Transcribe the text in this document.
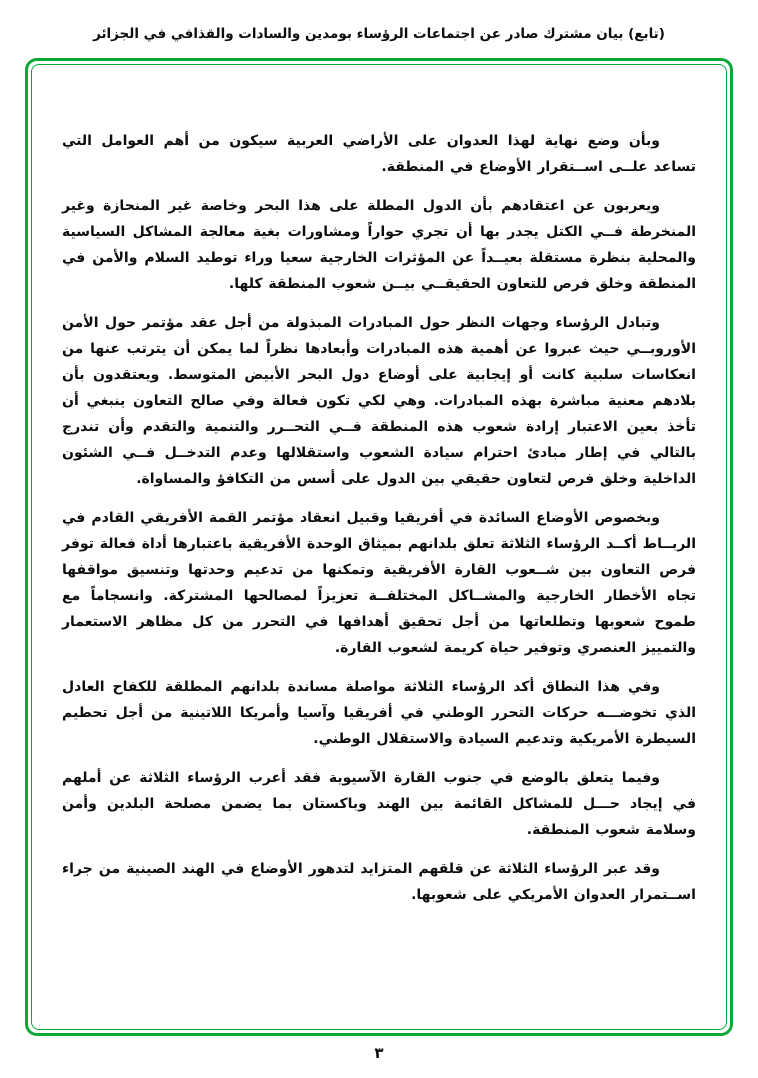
(تابع) بيان مشترك صادر عن اجتماعات الرؤساء بومدين والسادات والقذافي في الجزائر

وبأن وضع نهاية لهذا العدوان على الأراضي العربية سيكون من أهم العوامل التي تساعد علــى اســتقرار الأوضاع في المنطقة.

ويعربون عن اعتقادهم بأن الدول المطلة على هذا البحر وخاصة غير المنحازة وغير المنخرطة فــي الكتل يجدر بها أن تجري حواراً ومشاورات بغية معالجة المشاكل السياسية والمحلية بنظرة مستقلة بعيــداً عن المؤثرات الخارجية سعيا وراء توطيد السلام والأمن في المنطقة وخلق فرص للتعاون الحقيقــي بيــن شعوب المنطقة كلها.

وتبادل الرؤساء وجهات النظر حول المبادرات المبذولة من أجل عقد مؤتمر حول الأمن الأوروبــي حيث عبروا عن أهمية هذه المبادرات وأبعادها نظراً لما يمكن أن يترتب عنها من انعكاسات سلبية كانت أو إيجابية على أوضاع دول البحر الأبيض المتوسط. ويعتقدون بأن بلادهم معنية مباشرة بهذه المبادرات. وهي لكي تكون فعالة وفي صالح التعاون ينبغي أن تأخذ بعين الاعتبار إرادة شعوب هذه المنطقة فــي التحــرر والتنمية والتقدم وأن تندرج بالتالي في إطار مبادئ احترام سيادة الشعوب واستقلالها وعدم التدخــل فــي الشئون الداخلية وخلق فرص لتعاون حقيقي بين الدول على أسس من التكافؤ والمساواة.

وبخصوص الأوضاع السائدة في أفريقيا وقبيل انعقاد مؤتمر القمة الأفريقي القادم في الربــاط أكــد الرؤساء الثلاثة تعلق بلدانهم بميثاق الوحدة الأفريقية باعتبارها أداة فعالة توفر فرص التعاون بين شــعوب القارة الأفريقية وتمكنها من تدعيم وحدتها وتنسيق مواقفها تجاه الأخطار الخارجية والمشــاكل المختلفــة تعزيزاً لمصالحها المشتركة. وانسجاماً مع طموح شعوبها وتطلعاتها من أجل تحقيق أهدافها في التحرر من كل مظاهر الاستعمار والتمييز العنصري وتوفير حياة كريمة لشعوب القارة.

وفي هذا النطاق أكد الرؤساء الثلاثة مواصلة مساندة بلدانهم المطلقة للكفاح العادل الذي تخوضـــه حركات التحرر الوطني في أفريقيا وآسيا وأمريكا اللاتينية من أجل تحطيم السيطرة الأمريكية وتدعيم السيادة والاستقلال الوطني.

وفيما يتعلق بالوضع في جنوب القارة الآسيوية فقد أعرب الرؤساء الثلاثة عن أملهم في إيجاد حـــل للمشاكل القائمة بين الهند وباكستان بما يضمن مصلحة البلدين وأمن وسلامة شعوب المنطقة.

وقد عبر الرؤساء الثلاثة عن قلقهم المتزايد لتدهور الأوضاع في الهند الصينية من جراء اســتمرار العدوان الأمريكي على شعوبها.

٣
